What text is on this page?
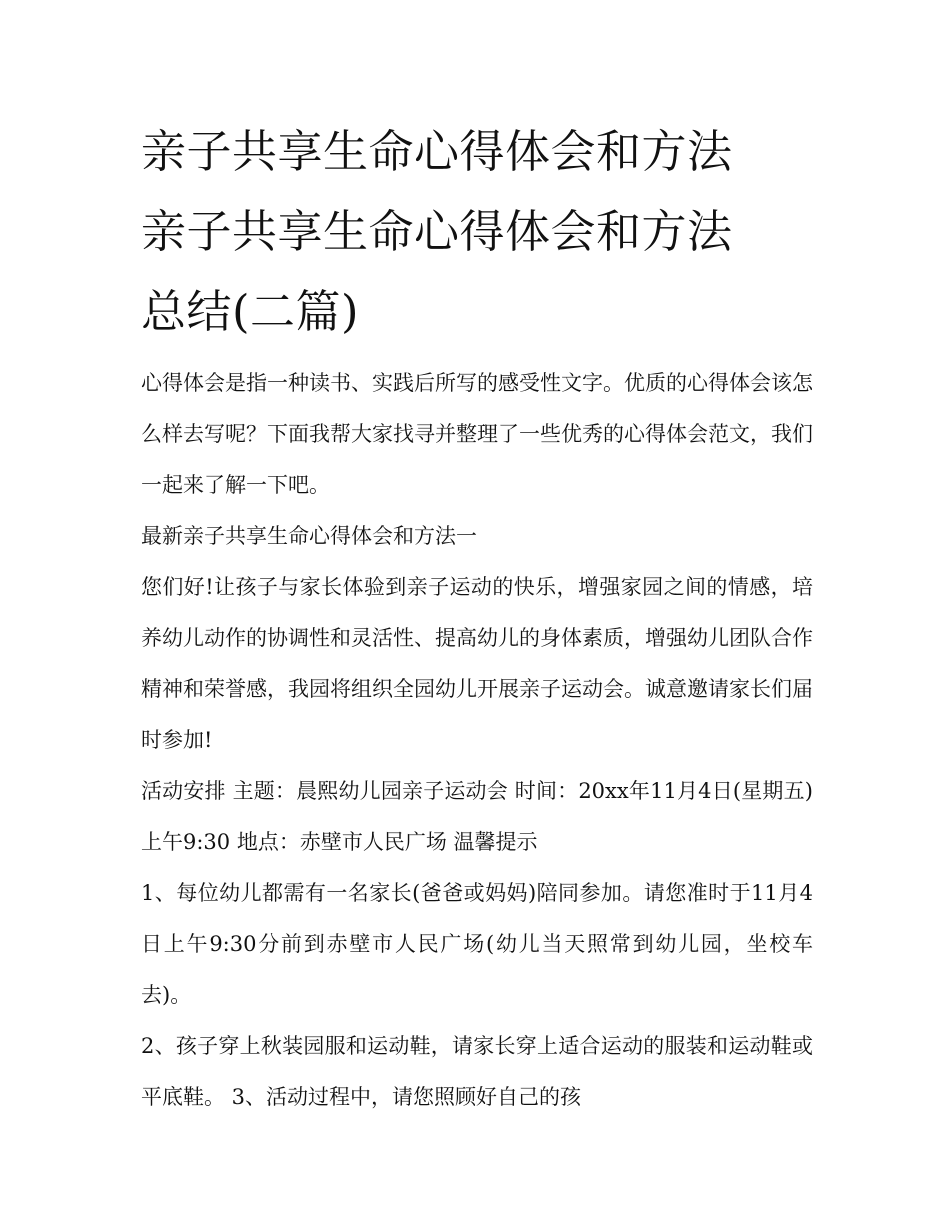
亲子共享生命心得体会和方法
亲子共享生命心得体会和方法
总结(二篇)

心得体会是指一种读书、实践后所写的感受性文字。优质的心得体会该怎么样去写呢？下面我帮大家找寻并整理了一些优秀的心得体会范文，我们一起来了解一下吧。

最新亲子共享生命心得体会和方法一

您们好!让孩子与家长体验到亲子运动的快乐，增强家园之间的情感，培养幼儿动作的协调性和灵活性、提高幼儿的身体素质，增强幼儿团队合作精神和荣誉感，我园将组织全园幼儿开展亲子运动会。诚意邀请家长们届时参加!

活动安排 主题：晨熙幼儿园亲子运动会 时间：20xx年11月4日(星期五) 上午9:30 地点：赤壁市人民广场 温馨提示

1、每位幼儿都需有一名家长(爸爸或妈妈)陪同参加。请您准时于11月4日上午9:30分前到赤壁市人民广场(幼儿当天照常到幼儿园，坐校车去)。

2、孩子穿上秋装园服和运动鞋，请家长穿上适合运动的服装和运动鞋或平底鞋。 3、活动过程中，请您照顾好自己的孩
